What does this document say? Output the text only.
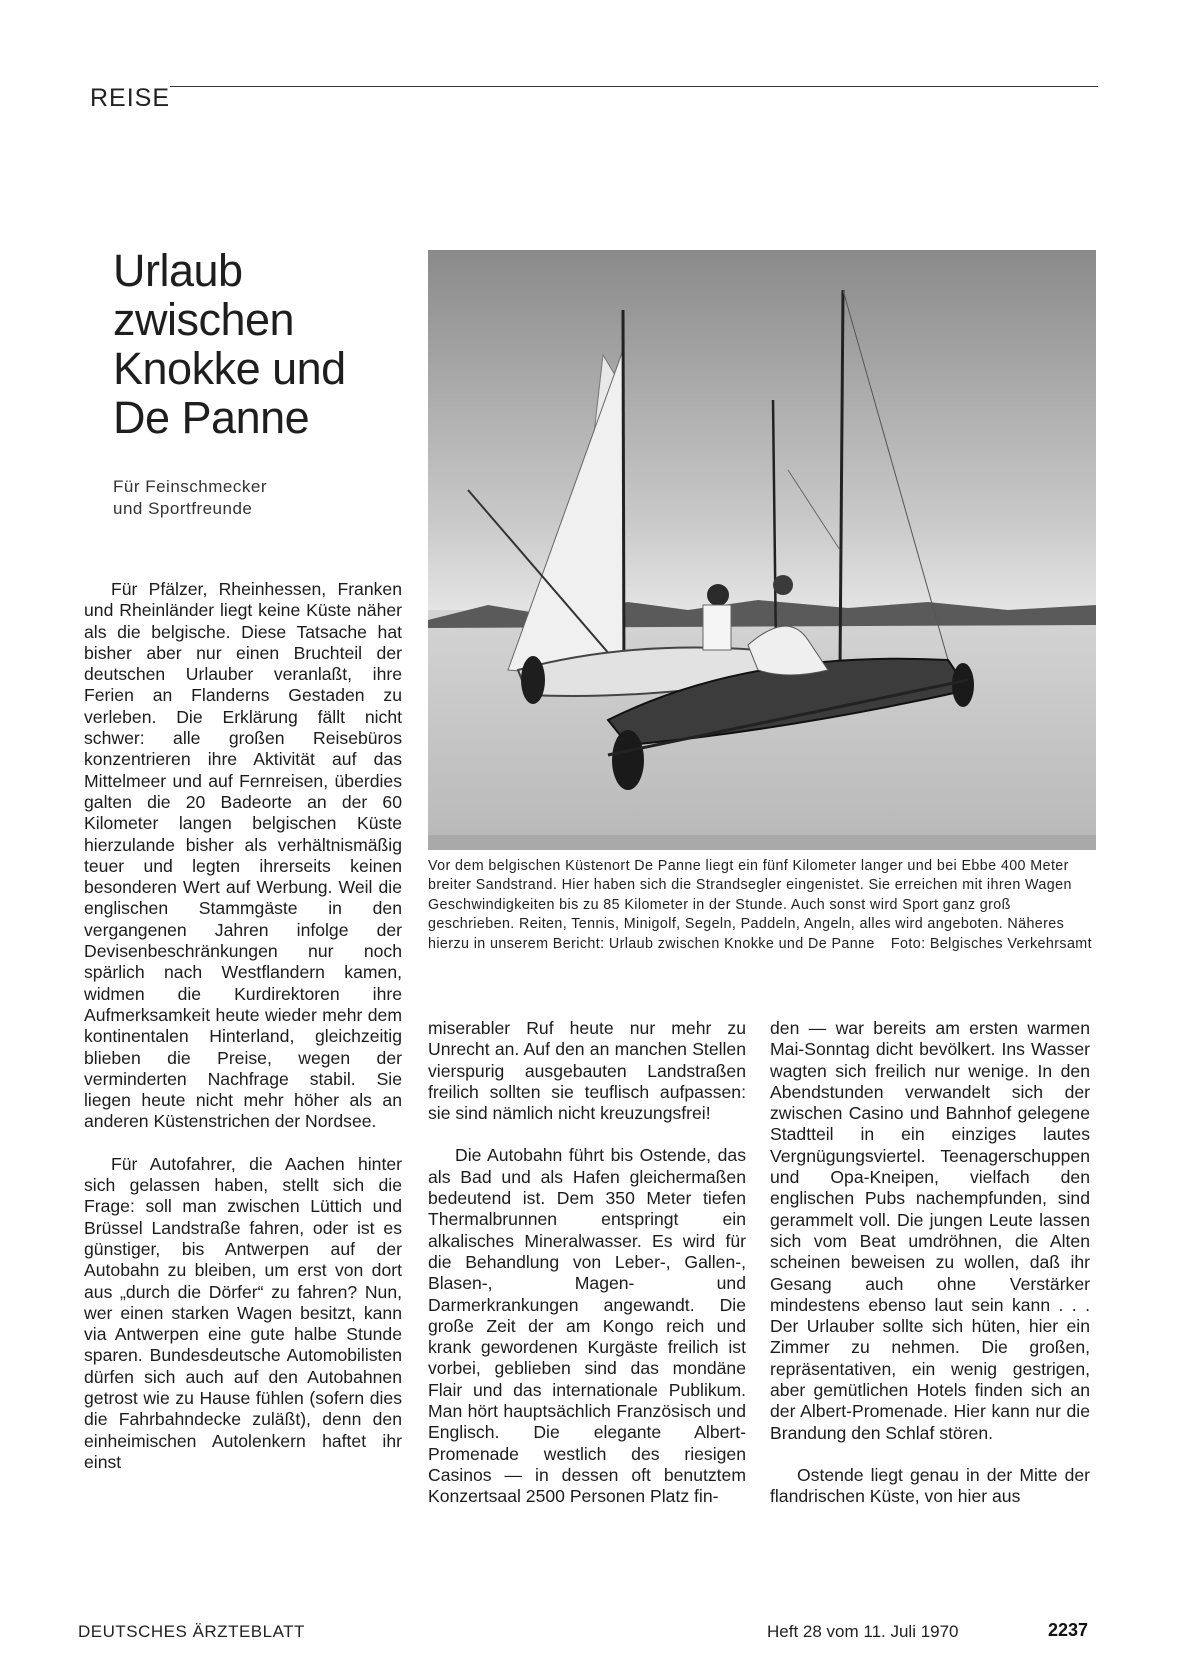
REISE
Urlaub
zwischen
Knokke und
De Panne
Für Feinschmecker
und Sportfreunde

Für Pfälzer, Rheinhessen, Franken und Rheinländer liegt keine Küste näher als die belgische. Diese Tatsache hat bisher aber nur einen Bruchteil der deutschen Urlauber veranlaßt, ihre Ferien an Flanderns Gestaden zu verleben. Die Erklärung fällt nicht schwer: alle großen Reisebüros konzentrieren ihre Aktivität auf das Mittelmeer und auf Fernreisen, überdies galten die 20 Badeorte an der 60 Kilometer langen belgischen Küste hierzulande bisher als verhältnismäßig teuer und legten ihrerseits keinen besonderen Wert auf Werbung. Weil die englischen Stammgäste in den vergangenen Jahren infolge der Devisenbeschränkungen nur noch spärlich nach Westflandern kamen, widmen die Kurdirektoren ihre Aufmerksamkeit heute wieder mehr dem kontinentalen Hinterland, gleichzeitig blieben die Preise, wegen der verminderten Nachfrage stabil. Sie liegen heute nicht mehr höher als an anderen Küstenstrichen der Nordsee.

Für Autofahrer, die Aachen hinter sich gelassen haben, stellt sich die Frage: soll man zwischen Lüttich und Brüssel Landstraße fahren, oder ist es günstiger, bis Antwerpen auf der Autobahn zu bleiben, um erst von dort aus „durch die Dörfer“ zu fahren? Nun, wer einen starken Wagen besitzt, kann via Antwerpen eine gute halbe Stunde sparen. Bundesdeutsche Automobilisten dürfen sich auch auf den Autobahnen getrost wie zu Hause fühlen (sofern dies die Fahrbahndecke zuläßt), denn den einheimischen Autolenkern haftet ihr einst

Vor dem belgischen Küstenort De Panne liegt ein fünf Kilometer langer und bei Ebbe 400 Meter breiter Sandstrand. Hier haben sich die Strandsegler eingenistet. Sie erreichen mit ihren Wagen Geschwindigkeiten bis zu 85 Kilometer in der Stunde. Auch sonst wird Sport ganz groß geschrieben. Reiten, Tennis, Minigolf, Segeln, Paddeln, Angeln, alles wird angeboten. Näheres hierzu in unserem Bericht: Urlaub zwischen Knokke und De Panne Foto: Belgisches Verkehrsamt

miserabler Ruf heute nur mehr zu Unrecht an. Auf den an manchen Stellen vierspurig ausgebauten Landstraßen freilich sollten sie teuflisch aufpassen: sie sind nämlich nicht kreuzungsfrei!

Die Autobahn führt bis Ostende, das als Bad und als Hafen gleichermaßen bedeutend ist. Dem 350 Meter tiefen Thermalbrunnen entspringt ein alkalisches Mineralwasser. Es wird für die Behandlung von Leber-, Gallen-, Blasen-, Magen- und Darmerkrankungen angewandt. Die große Zeit der am Kongo reich und krank gewordenen Kurgäste freilich ist vorbei, geblieben sind das mondäne Flair und das internationale Publikum. Man hört hauptsächlich Französisch und Englisch. Die elegante Albert-Promenade westlich des riesigen Casinos — in dessen oft benutztem Konzertsaal 2500 Personen Platz fin-

den — war bereits am ersten warmen Mai-Sonntag dicht bevölkert. Ins Wasser wagten sich freilich nur wenige. In den Abendstunden verwandelt sich der zwischen Casino und Bahnhof gelegene Stadtteil in ein einziges lautes Vergnügungsviertel. Teenagerschuppen und Opa-Kneipen, vielfach den englischen Pubs nachempfunden, sind gerammelt voll. Die jungen Leute lassen sich vom Beat umdröhnen, die Alten scheinen beweisen zu wollen, daß ihr Gesang auch ohne Verstärker mindestens ebenso laut sein kann . . . Der Urlauber sollte sich hüten, hier ein Zimmer zu nehmen. Die großen, repräsentativen, ein wenig gestrigen, aber gemütlichen Hotels finden sich an der Albert-Promenade. Hier kann nur die Brandung den Schlaf stören.

Ostende liegt genau in der Mitte der flandrischen Küste, von hier aus

DEUTSCHES ÄRZTEBLATT	Heft 28 vom 11. Juli 1970	2237
